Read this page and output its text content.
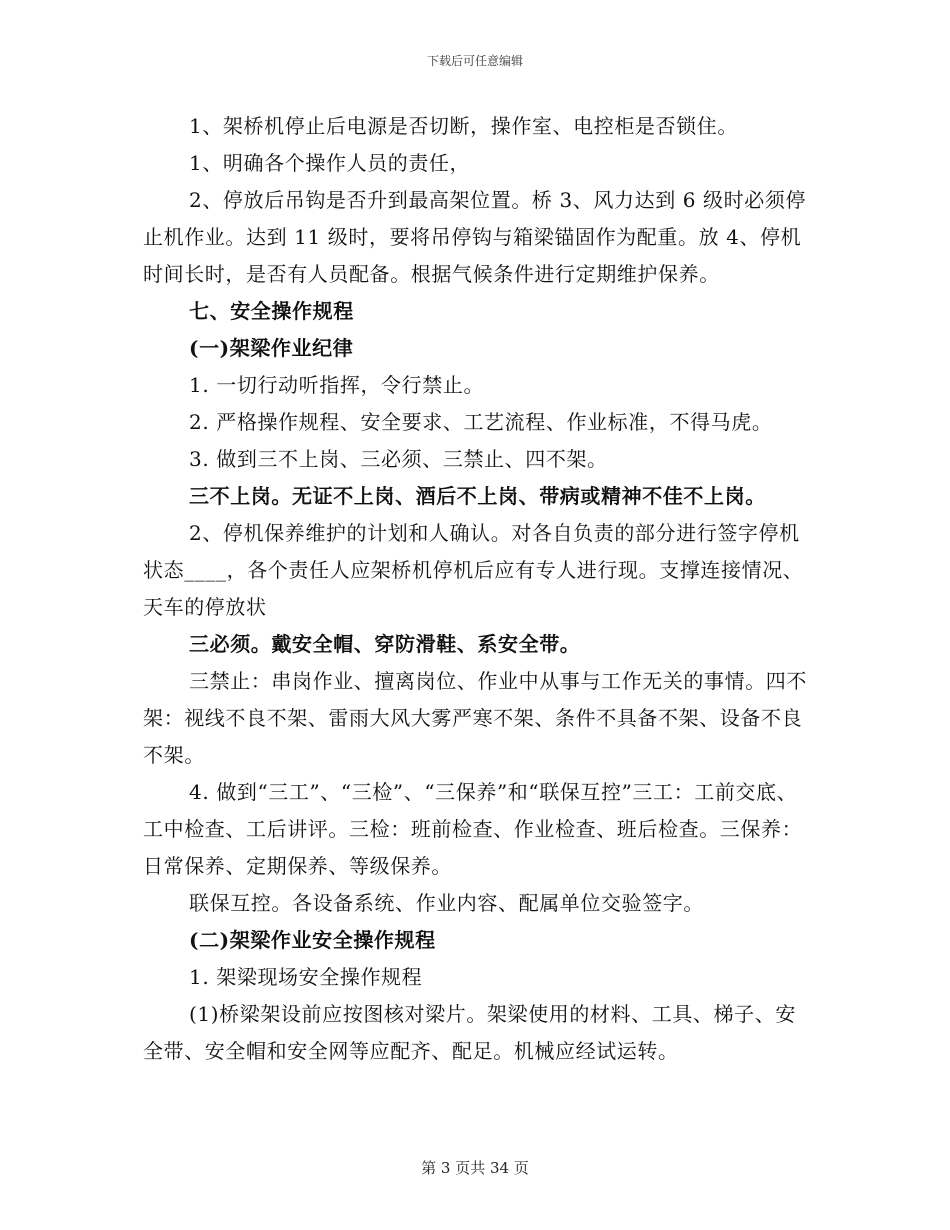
下载后可任意编辑

1、架桥机停止后电源是否切断，操作室、电控柜是否锁住。

1、明确各个操作人员的责任，

2、停放后吊钩是否升到最高架位置。桥 3、风力达到 6 级时必须停止机作业。达到 11 级时，要将吊停钩与箱梁锚固作为配重。放 4、停机时间长时，是否有人员配备。根据气候条件进行定期维护保养。

七、安全操作规程

(一)架梁作业纪律

1. 一切行动听指挥，令行禁止。

2. 严格操作规程、安全要求、工艺流程、作业标准，不得马虎。

3. 做到三不上岗、三必须、三禁止、四不架。

三不上岗。无证不上岗、酒后不上岗、带病或精神不佳不上岗。

2、停机保养维护的计划和人确认。对各自负责的部分进行签字停机状态____，各个责任人应架桥机停机后应有专人进行现。支撑连接情况、天车的停放状

三必须。戴安全帽、穿防滑鞋、系安全带。

三禁止：串岗作业、擅离岗位、作业中从事与工作无关的事情。四不架：视线不良不架、雷雨大风大雾严寒不架、条件不具备不架、设备不良不架。

4. 做到“三工”、“三检”、“三保养”和“联保互控”三工：工前交底、工中检查、工后讲评。三检：班前检查、作业检查、班后检查。三保养：日常保养、定期保养、等级保养。

联保互控。各设备系统、作业内容、配属单位交验签字。

(二)架梁作业安全操作规程

1. 架梁现场安全操作规程

(1)桥梁架设前应按图核对梁片。架梁使用的材料、工具、梯子、安全带、安全帽和安全网等应配齐、配足。机械应经试运转。

第 3 页共 34 页
